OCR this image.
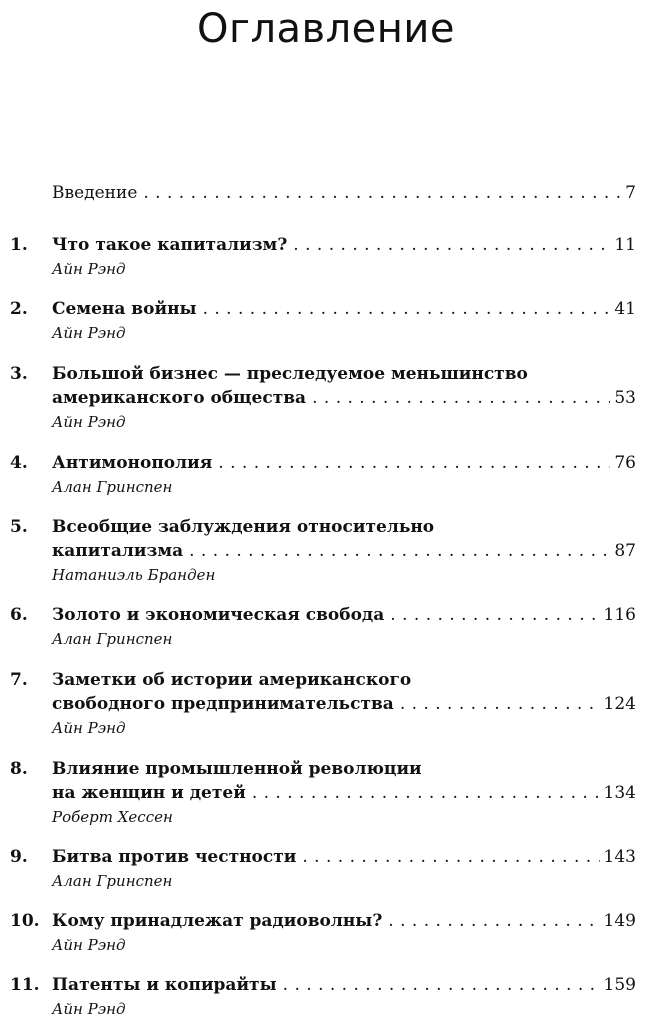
Оглавление
Введение . . .	7
1. Что такое капитализм? . . .	11
Айн Рэнд
2. Семена войны . . .	41
Айн Рэнд
3. Большой бизнес — преследуемое меньшинство
американского общества . . .	53
Айн Рэнд
4. Антимонополия . . .	76
Алан Гринспен
5. Всеобщие заблуждения относительно
капитализма . . .	87
Натаниэль Бранден
6. Золото и экономическая свобода . . .	116
Алан Гринспен
7. Заметки об истории американского
свободного предпринимательства . . .	124
Айн Рэнд
8. Влияние промышленной революции
на женщин и детей . . .	134
Роберт Хессен
9. Битва против честности . . .	143
Алан Гринспен
10. Кому принадлежат радиоволны? . . .	149
Айн Рэнд
11. Патенты и копирайты . . .	159
Айн Рэнд
